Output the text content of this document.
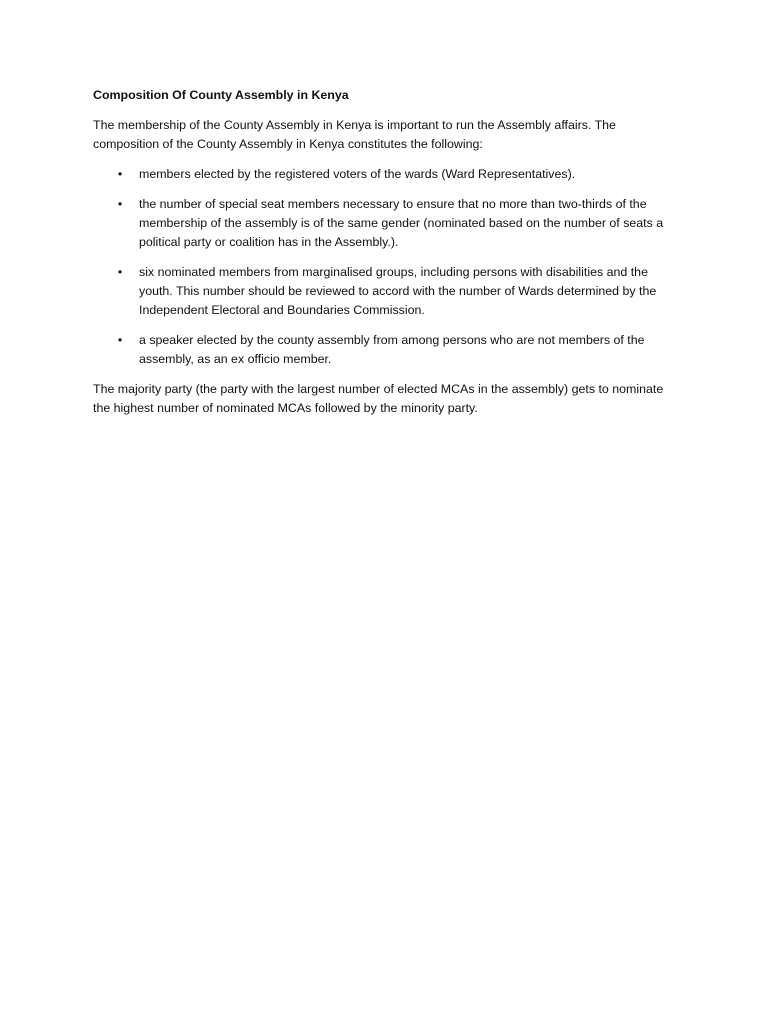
Composition Of County Assembly in Kenya

The membership of the County Assembly in Kenya is important to run the Assembly affairs. The composition of the County Assembly in Kenya constitutes the following:

• members elected by the registered voters of the wards (Ward Representatives).
• the number of special seat members necessary to ensure that no more than two-thirds of the membership of the assembly is of the same gender (nominated based on the number of seats a political party or coalition has in the Assembly.).
• six nominated members from marginalised groups, including persons with disabilities and the youth. This number should be reviewed to accord with the number of Wards determined by the Independent Electoral and Boundaries Commission.
• a speaker elected by the county assembly from among persons who are not members of the assembly, as an ex officio member.

The majority party (the party with the largest number of elected MCAs in the assembly) gets to nominate the highest number of nominated MCAs followed by the minority party.
